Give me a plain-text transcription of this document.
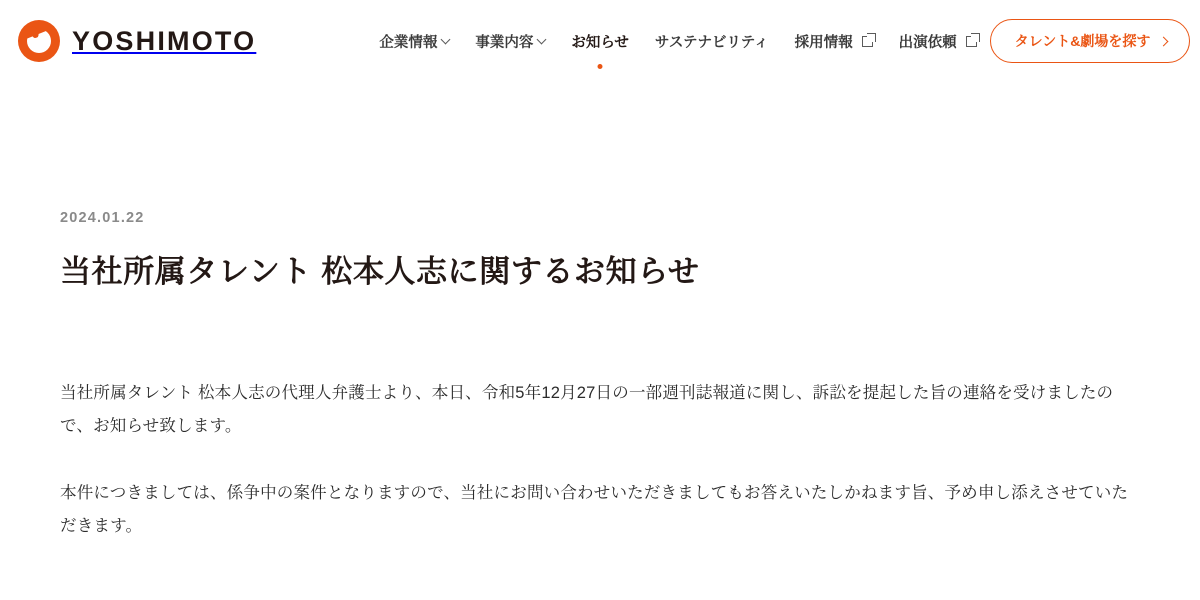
YOSHIMOTO	企業情報	事業内容	お知らせ サステナビリティ 採用情報	出演依頼	タレント&劇場を探す
2024.01.22
当社所属タレント 松本人志に関するお知らせ

当社所属タレント 松本人志の代理人弁護士より、本日、令和5年12月27日の一部週刊誌報道に関し、訴訟を提起した旨の連絡を受けましたので、お知らせ致します。

本件につきましては、係争中の案件となりますので、当社にお問い合わせいただきましてもお答えいたしかねます旨、予め申し添えさせていただきます。
